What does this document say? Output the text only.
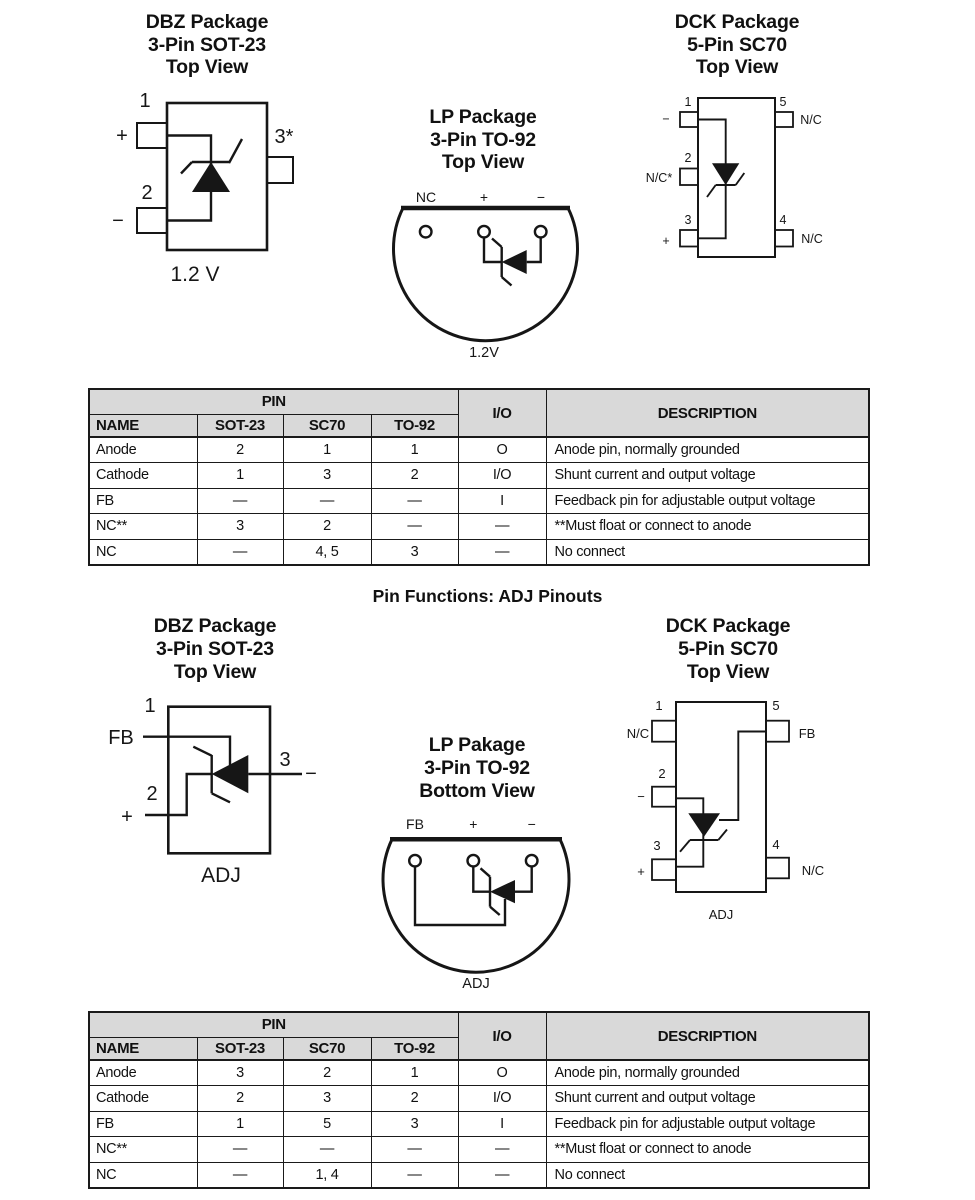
DBZ Package
3-Pin SOT-23
Top View
DCK Package
5-Pin SC70
Top View
LP Package
3-Pin TO-92
Top View
1
+
2
−
3*
1.2 V
NC	+	−
1.2V
1	5
−
2
N/C*
3
+
4
N/C
N/C
Pin Functions: ADJ Pinouts
DBZ Package
3-Pin SOT-23
Top View
DCK Package
5-Pin SC70
Top View
LP Pakage
3-Pin TO-92
Bottom View
1
FB
2
+
3
−
ADJ
FB	+	−
ADJ
1
N/C
2
−
3
+
5
FB
4
N/C
ADJ
PIN				I/O	DESCRIPTION
NAME	SOT-23	SC70	TO-92		
Anode	2	1	1	O	Anode pin, normally grounded
Cathode	1	3	2	I/O	Shunt current and output voltage
FB	—	—	—	I	Feedback pin for adjustable output voltage
NC**	3	2	—	—	**Must float or connect to anode
NC	—	4, 5	3	—	No connect
PIN				I/O	DESCRIPTION
NAME	SOT-23	SC70	TO-92		
Anode	3	2	1	O	Anode pin, normally grounded
Cathode	2	3	2	I/O	Shunt current and output voltage
FB	1	5	3	I	Feedback pin for adjustable output voltage
NC**	—	—	—	—	**Must float or connect to anode
NC	—	1, 4	—	—	No connect
